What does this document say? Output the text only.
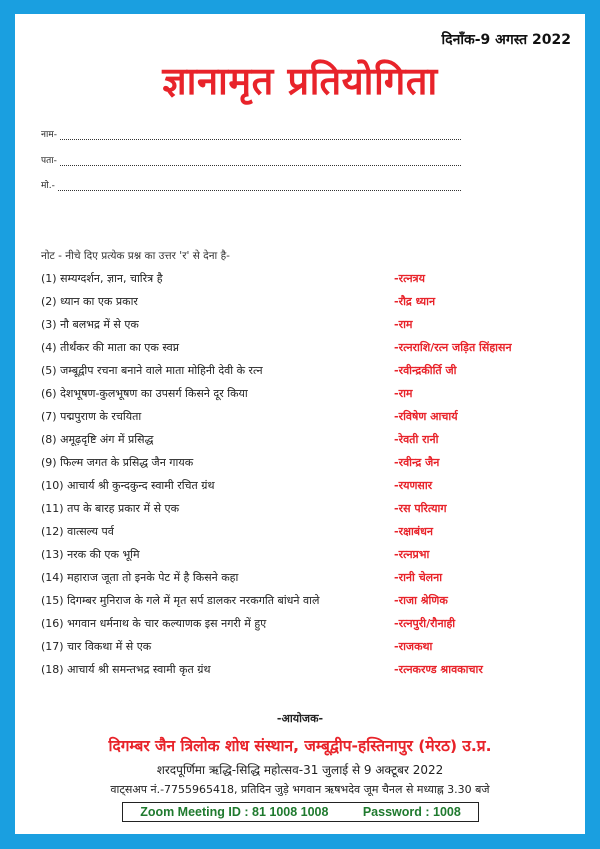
दिनाँक-9 अगस्त 2022
ज्ञानामृत प्रतियोगिता
नाम-
पता-
मो.-
नोट - नीचे दिए प्रत्येक प्रश्न का उत्तर 'र' से देना है-
(1) सम्यग्दर्शन, ज्ञान, चारित्र है	-रत्नत्रय
(2) ध्यान का एक प्रकार	-रौद्र ध्यान
(3) नौ बलभद्र में से एक	-राम
(4) तीर्थंकर की माता का एक स्वप्न	-रत्नराशि/रत्न जड़ित सिंहासन
(5) जम्बूद्वीप रचना बनाने वाले माता मोहिनी देवी के रत्न	-रवीन्द्रकीर्ति जी
(6) देशभूषण-कुलभूषण का उपसर्ग किसने दूर किया	-राम
(7) पद्मपुराण के रचयिता	-रविषेण आचार्य
(8) अमूढ़दृष्टि अंग में प्रसिद्ध	-रेवती रानी
(9) फिल्म जगत के प्रसिद्ध जैन गायक	-रवीन्द्र जैन
(10) आचार्य श्री कुन्दकुन्द स्वामी रचित ग्रंथ	-रयणसार
(11) तप के बारह प्रकार में से एक	-रस परित्याग
(12) वात्सल्य पर्व	-रक्षाबंधन
(13) नरक की एक भूमि	-रत्नप्रभा
(14) महाराज जूता तो इनके पेट में है किसने कहा	-रानी चेलना
(15) दिगम्बर मुनिराज के गले में मृत सर्प डालकर नरकगति बांधने वाले	-राजा श्रेणिक
(16) भगवान धर्मनाथ के चार कल्याणक इस नगरी में हुए	-रत्नपुरी/रौनाही
(17) चार विकथा में से एक	-राजकथा
(18) आचार्य श्री समन्तभद्र स्वामी कृत ग्रंथ	-रत्नकरण्ड श्रावकाचार
-आयोजक-
दिगम्बर जैन त्रिलोक शोध संस्थान, जम्बूद्वीप-हस्तिनापुर (मेरठ) उ.प्र.
शरदपूर्णिमा ऋद्धि-सिद्धि महोत्सव-31 जुलाई से 9 अक्टूबर 2022
वाट्सअप नं.-7755965418, प्रतिदिन जुड़े भगवान ऋषभदेव जूम चैनल से मध्याह्न 3.30 बजे
Zoom Meeting ID : 81 1008 1008	Password : 1008
